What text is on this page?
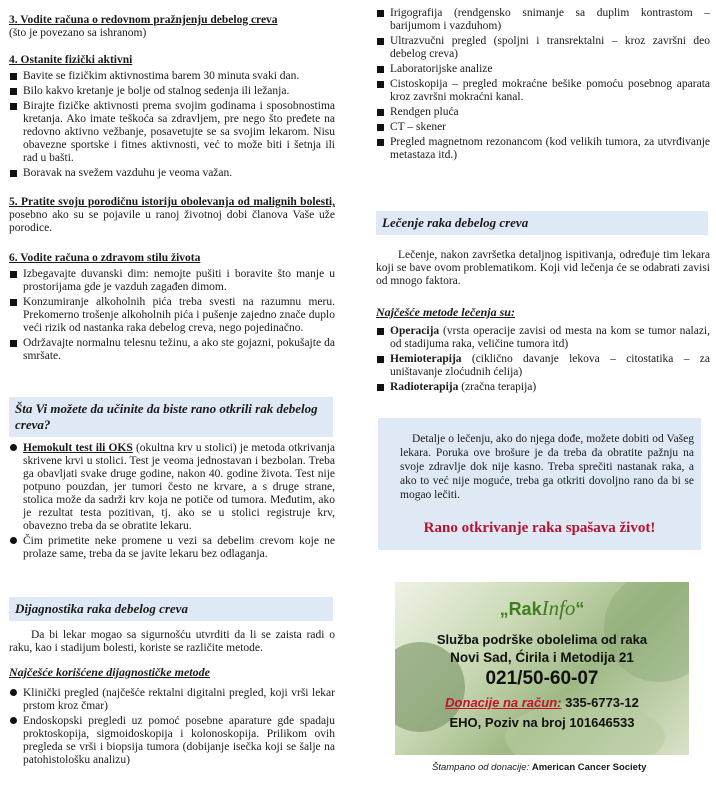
3. Vodite računa o redovnom pražnjenju debelog creva

(što je povezano sa ishranom)

4. Ostanite fizički aktivni
Bavite se fizičkim aktivnostima barem 30 minuta svaki dan.
Bilo kakvo kretanje je bolje od stalnog sedenja ili ležanja.
Birajte fizičke aktivnosti prema svojim godinama i sposobnostima kretanja. Ako imate teškoća sa zdravljem, pre nego što pređete na redovno aktivno vežbanje, posavetujte se sa svojim lekarom. Nisu obavezne sportske i fitnes aktivnosti, već to može biti i šetnja ili rad u bašti.
Boravak na svežem vazduhu je veoma važan.
5. Pratite svoju porodičnu istoriju obolevanja od malignih bolesti, posebno ako su se pojavile u ranoj životnoj dobi članova Vaše uže porodice.
6. Vodite računa o zdravom stilu života
Izbegavajte duvanski dim: nemojte pušiti i boravite što manje u prostorijama gde je vazduh zagađen dimom.
Konzumiranje alkoholnih pića treba svesti na razumnu meru. Prekomerno trošenje alkoholnih pića i pušenje zajedno znače duplo veći rizik od nastanka raka debelog creva, nego pojedinačno.
Održavajte normalnu telesnu težinu, a ako ste gojazni, pokušajte da smršate.
Šta Vi možete da učinite da biste rano otkrili rak debelog creva?
Hemokult test ili OKS (okultna krv u stolici) je metoda otkrivanja skrivene krvi u stolici. Test je veoma jednostavan i bezbolan. Treba ga obavljati svake druge godine, nakon 40. godine života. Test nije potpuno pouzdan, jer tumori često ne krvare, a s druge strane, stolica može da sadrži krv koja ne potiče od tumora. Međutim, ako je rezultat testa pozitivan, tj. ako se u stolici registruje krv, obavezno treba da se obratite lekaru.
Čim primetite neke promene u vezi sa debelim crevom koje ne prolaze same, treba da se javite lekaru bez odlaganja.
Dijagnostika raka debelog creva
Da bi lekar mogao sa sigurnošću utvrditi da li se zaista radi o raku, kao i stadijum bolesti, koriste se različite metode.
Najčešće korišćene dijagnostičke metode
Klinički pregled (najčešće rektalni digitalni pregled, koji vrši lekar prstom kroz čmar)
Endoskopski pregledi uz pomoć posebne aparature gde spadaju proktoskopija, sigmoidoskopija i kolonoskopija. Prilikom ovih pregleda se vrši i biopsija tumora (dobijanje isečka koji se šalje na patohistološku analizu)
Irigografija (rendgensko snimanje sa duplim kontrastom – barijumom i vazduhom)
Ultrazvučni pregled (spoljni i transrektalni – kroz završni deo debelog creva)
Laboratorijske analize
Cistoskopija – pregled mokraćne bešike pomoću posebnog aparata kroz završni mokraćni kanal.
Rendgen pluća
CT – skener
Pregled magnetnom rezonancom (kod velikih tumora, za utvrđivanje metastaza itd.)
Lečenje raka debelog creva
Lečenje, nakon završetka detaljnog ispitivanja, određuje tim lekara koji se bave ovom problematikom. Koji vid lečenja će se odabrati zavisi od mnogo faktora.
Najčešće metode lečenja su:
Operacija (vrsta operacije zavisi od mesta na kom se tumor nalazi, od stadijuma raka, veličine tumora itd)
Hemioterapija (ciklično davanje lekova – citostatika – za uništavanje zloćudnih ćelija)
Radioterapija (zračna terapija)
Detalje o lečenju, ako do njega dođe, možete dobiti od Vašeg lekara. Poruka ove brošure je da treba da obratite pažnju na svoje zdravlje dok nije kasno. Treba sprečiti nastanak raka, a ako to već nije moguće, treba ga otkriti dovoljno rano da bi se mogao lečiti.
Rano otkrivanje raka spašava život!
„RakInfo“
Služba podrške obolelima od raka
Novi Sad, Ćirila i Metodija 21
021/50-60-07
Donacije na račun: 335-6773-12
EHO, Poziv na broj 101646533
Štampano od donacije: American Cancer Society
